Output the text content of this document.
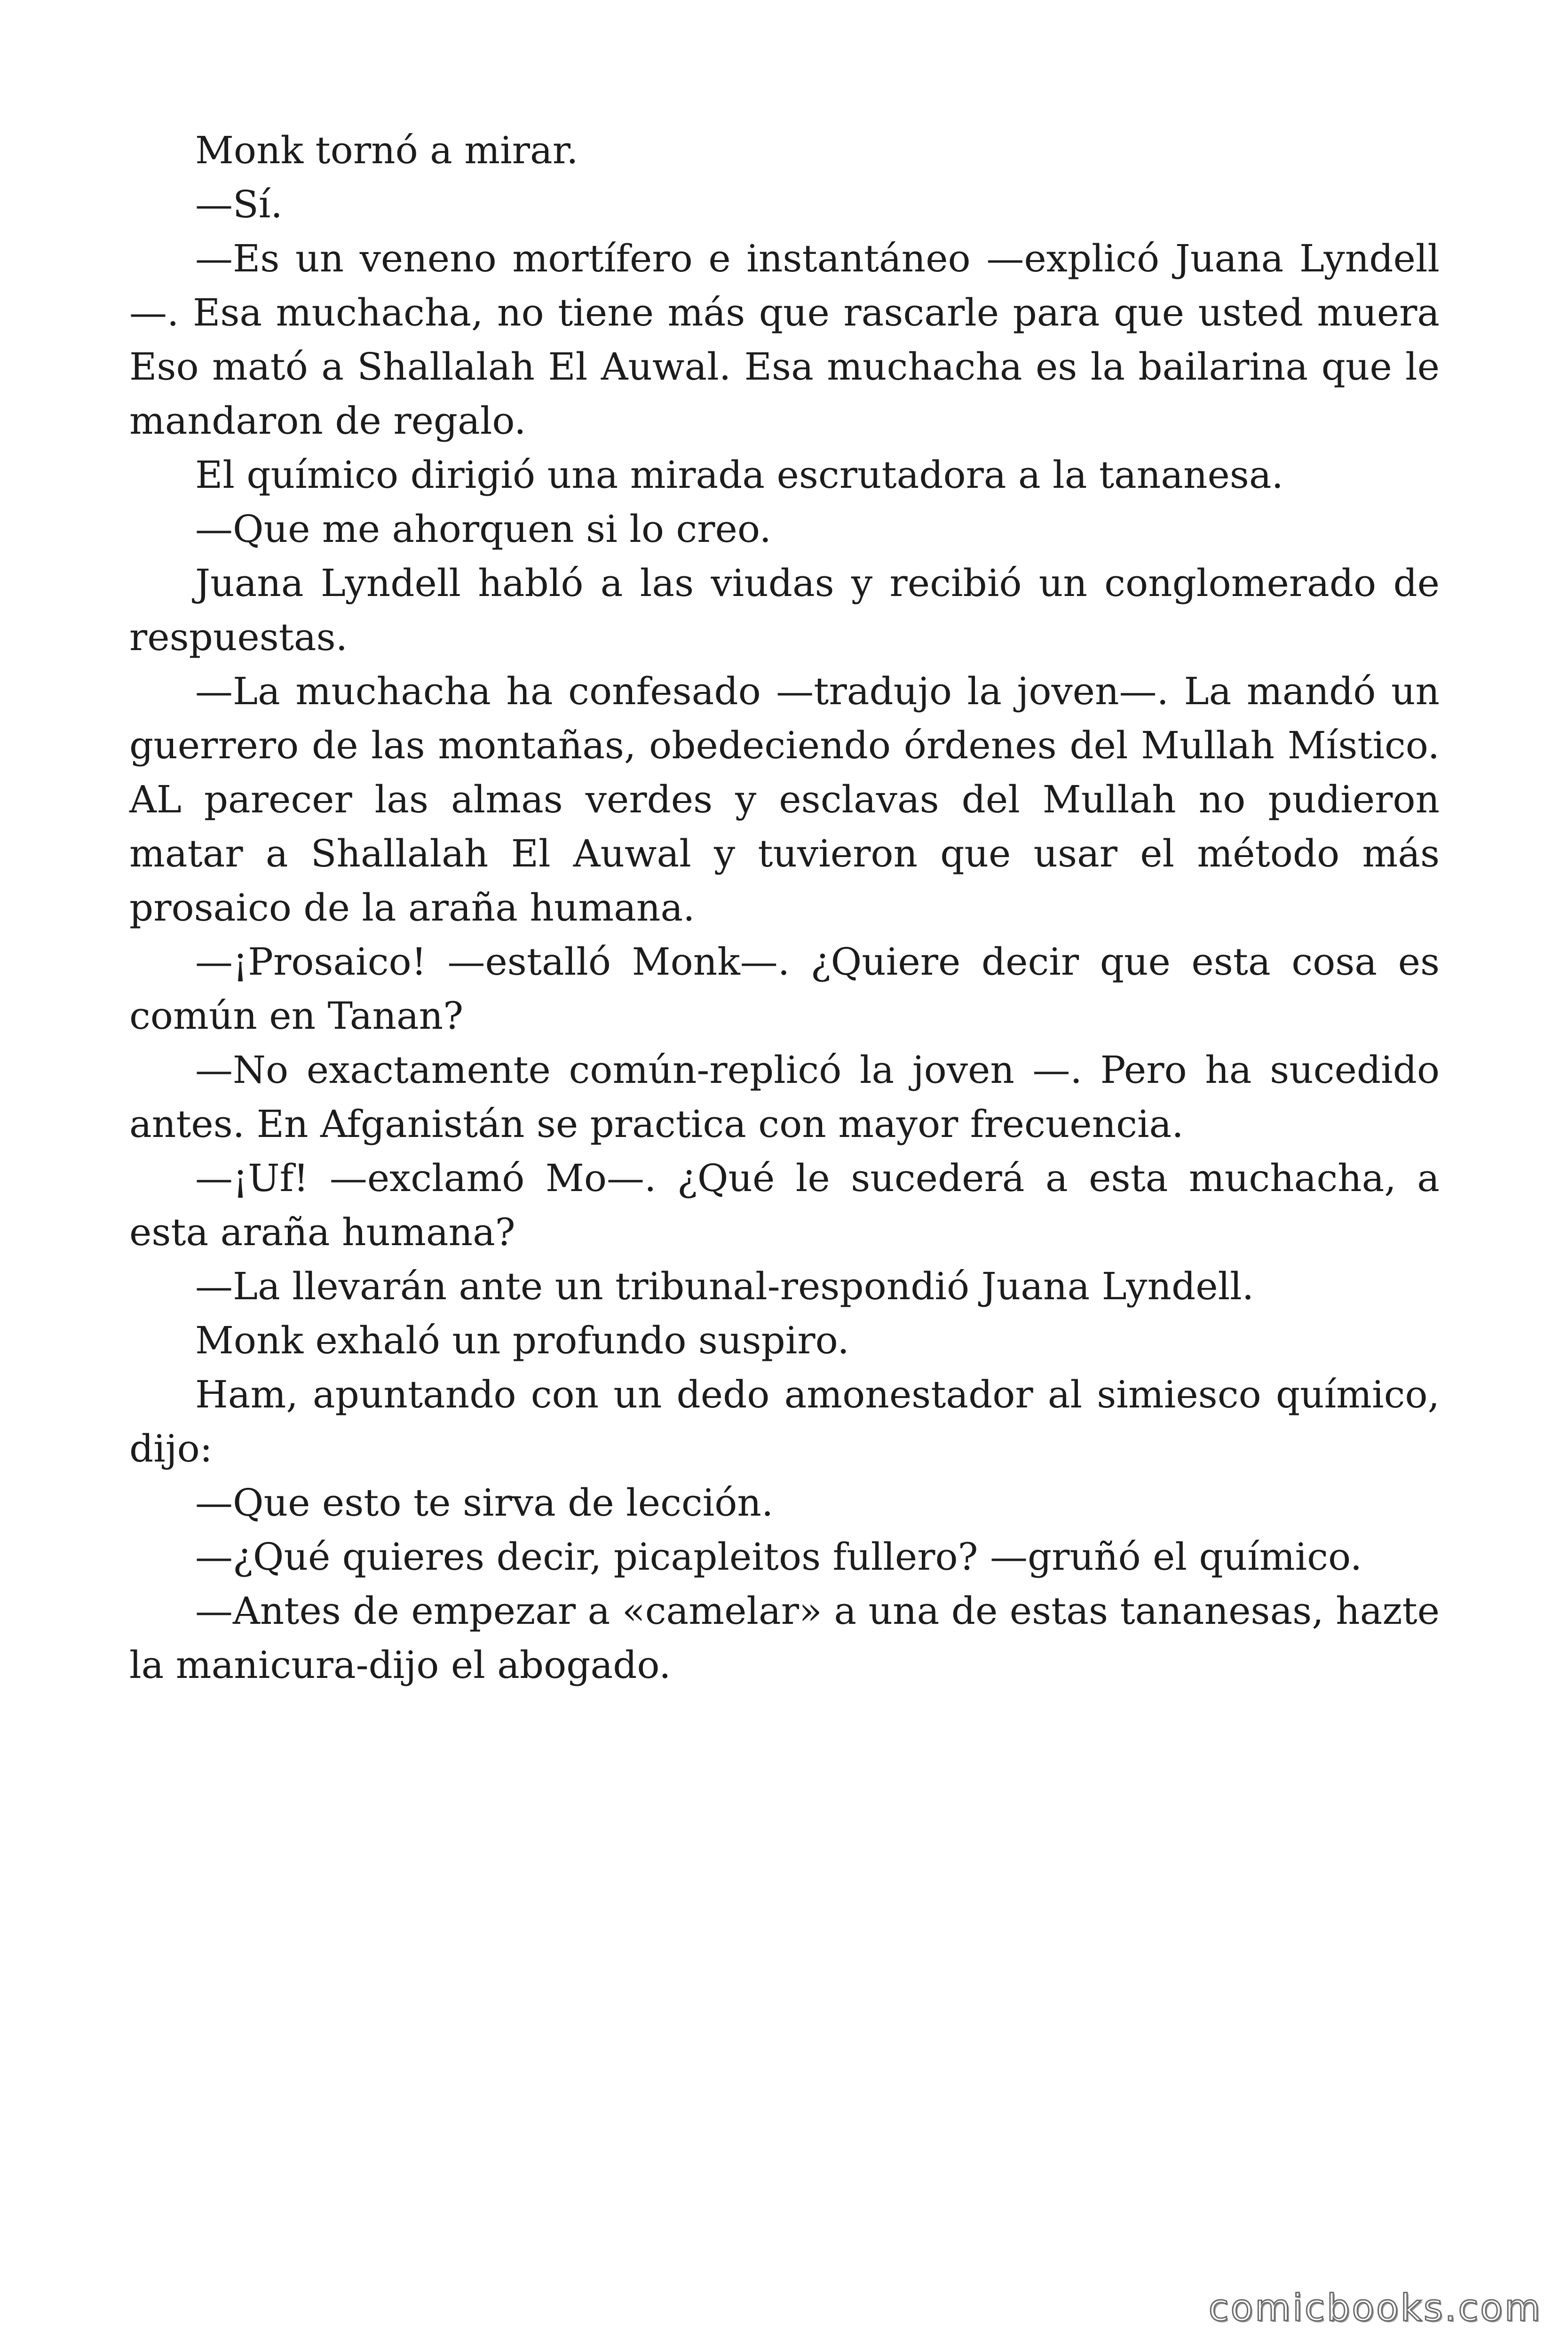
Monk tornó a mirar.

—Sí.

—Es un veneno mortífero e instantáneo —explicó Juana Lyndell —. Esa muchacha, no tiene más que rascarle para que usted muera Eso mató a Shallalah El Auwal. Esa muchacha es la bailarina que le mandaron de regalo.

El químico dirigió una mirada escrutadora a la tananesa.

—Que me ahorquen si lo creo.

Juana Lyndell habló a las viudas y recibió un conglomerado de respuestas.

—La muchacha ha confesado —tradujo la joven—. La mandó un guerrero de las montañas, obedeciendo órdenes del Mullah Místico. AL parecer las almas verdes y esclavas del Mullah no pudieron matar a Shallalah El Auwal y tuvieron que usar el método más prosaico de la araña humana.

—¡Prosaico! —estalló Monk—. ¿Quiere decir que esta cosa es común en Tanan?

—No exactamente común-replicó la joven —. Pero ha sucedido antes. En Afganistán se practica con mayor frecuencia.

—¡Uf! —exclamó Mo—. ¿Qué le sucederá a esta muchacha, a esta araña humana?

—La llevarán ante un tribunal-respondió Juana Lyndell.

Monk exhaló un profundo suspiro.

Ham, apuntando con un dedo amonestador al simiesco químico, dijo:

—Que esto te sirva de lección.

—¿Qué quieres decir, picapleitos fullero? —gruñó el químico.

—Antes de empezar a «camelar» a una de estas tananesas, hazte la manicura-dijo el abogado.

comicbooks.com
